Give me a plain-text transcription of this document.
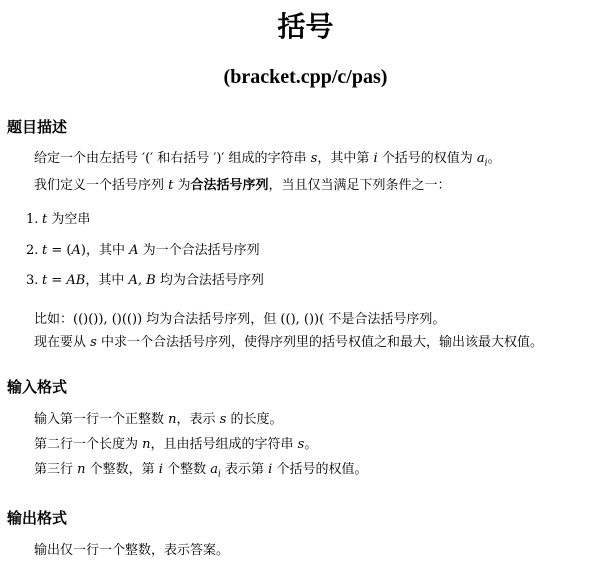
括号
(bracket.cpp/c/pas)
题目描述
给定一个由左括号 ′(′ 和右括号 ′)′ 组成的字符串 s，其中第 i 个括号的权值为 $a_i$。
我们定义一个括号序列 t 为合法括号序列，当且仅当满足下列条件之一：
1. t 为空串
2. t = (A)，其中 A 为一个合法括号序列
3. t = AB，其中 A, B 均为合法括号序列
比如：(()()), ()(()) 均为合法括号序列，但 ((), ())( 不是合法括号序列。
现在要从 s 中求一个合法括号序列，使得序列里的括号权值之和最大，输出该最大权值。
输入格式
输入第一行一个正整数 n，表示 s 的长度。
第二行一个长度为 n，且由括号组成的字符串 s。
第三行 n 个整数，第 i 个整数 $a_i$ 表示第 i 个括号的权值。
输出格式
输出仅一行一个整数，表示答案。
